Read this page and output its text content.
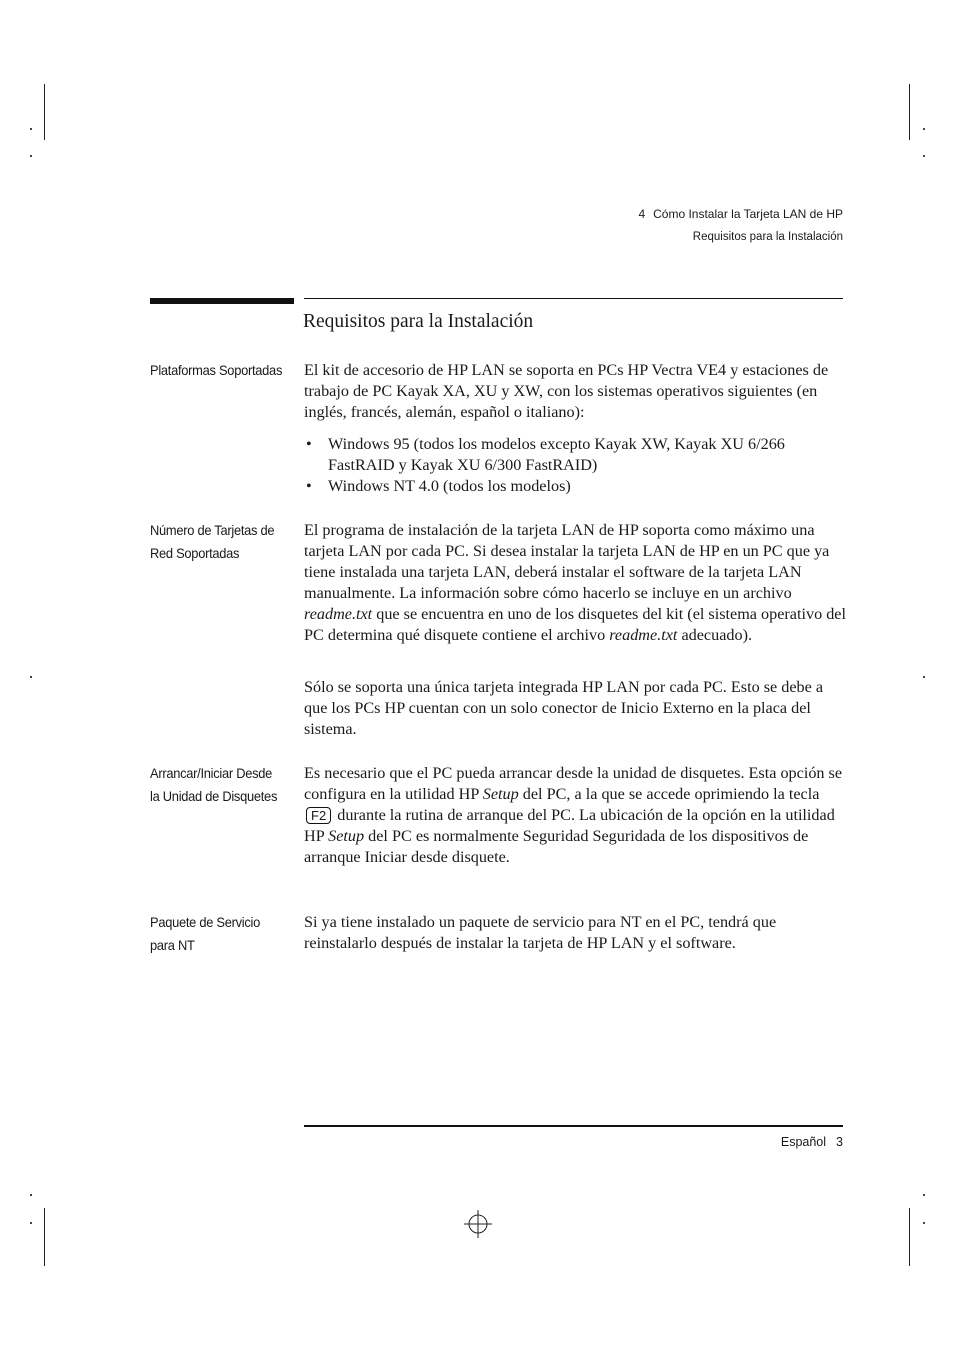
4 Cómo Instalar la Tarjeta LAN de HP
Requisitos para la Instalación
Requisitos para la Instalación
Plataformas Soportadas	El kit de accesorio de HP LAN se soporta en PCs HP Vectra VE4 y estaciones de trabajo de PC Kayak XA, XU y XW, con los sistemas operativos siguientes (en inglés, francés, alemán, español o italiano):

• Windows 95 (todos los modelos excepto Kayak XW, Kayak XU 6/266 FastRAID y Kayak XU 6/300 FastRAID)
• Windows NT 4.0 (todos los modelos)
Número de Tarjetas de
Red Soportadas

El programa de instalación de la tarjeta LAN de HP soporta como máximo una tarjeta LAN por cada PC. Si desea instalar la tarjeta LAN de HP en un PC que ya tiene instalada una tarjeta LAN, deberá instalar el software de la tarjeta LAN manualmente. La información sobre cómo hacerlo se incluye en un archivo readme.txt que se encuentra en uno de los disquetes del kit (el sistema operativo del PC determina qué disquete contiene el archivo readme.txt adecuado).

Sólo se soporta una única tarjeta integrada HP LAN por cada PC. Esto se debe a que los PCs HP cuentan con un solo conector de Inicio Externo en la placa del sistema.

Arrancar/Iniciar Desde
la Unidad de Disquetes

Es necesario que el PC pueda arrancar desde la unidad de disquetes. Esta opción se configura en la utilidad HP Setup del PC, a la que se accede oprimiendo la tecla F2 durante la rutina de arranque del PC. La ubicación de la opción en la utilidad HP Setup del PC es normalmente Seguridad Seguridada de los dispositivos de arranque Iniciar desde disquete.

Paquete de Servicio
para NT

Si ya tiene instalado un paquete de servicio para NT en el PC, tendrá que reinstalarlo después de instalar la tarjeta de HP LAN y el software.

Español 3
